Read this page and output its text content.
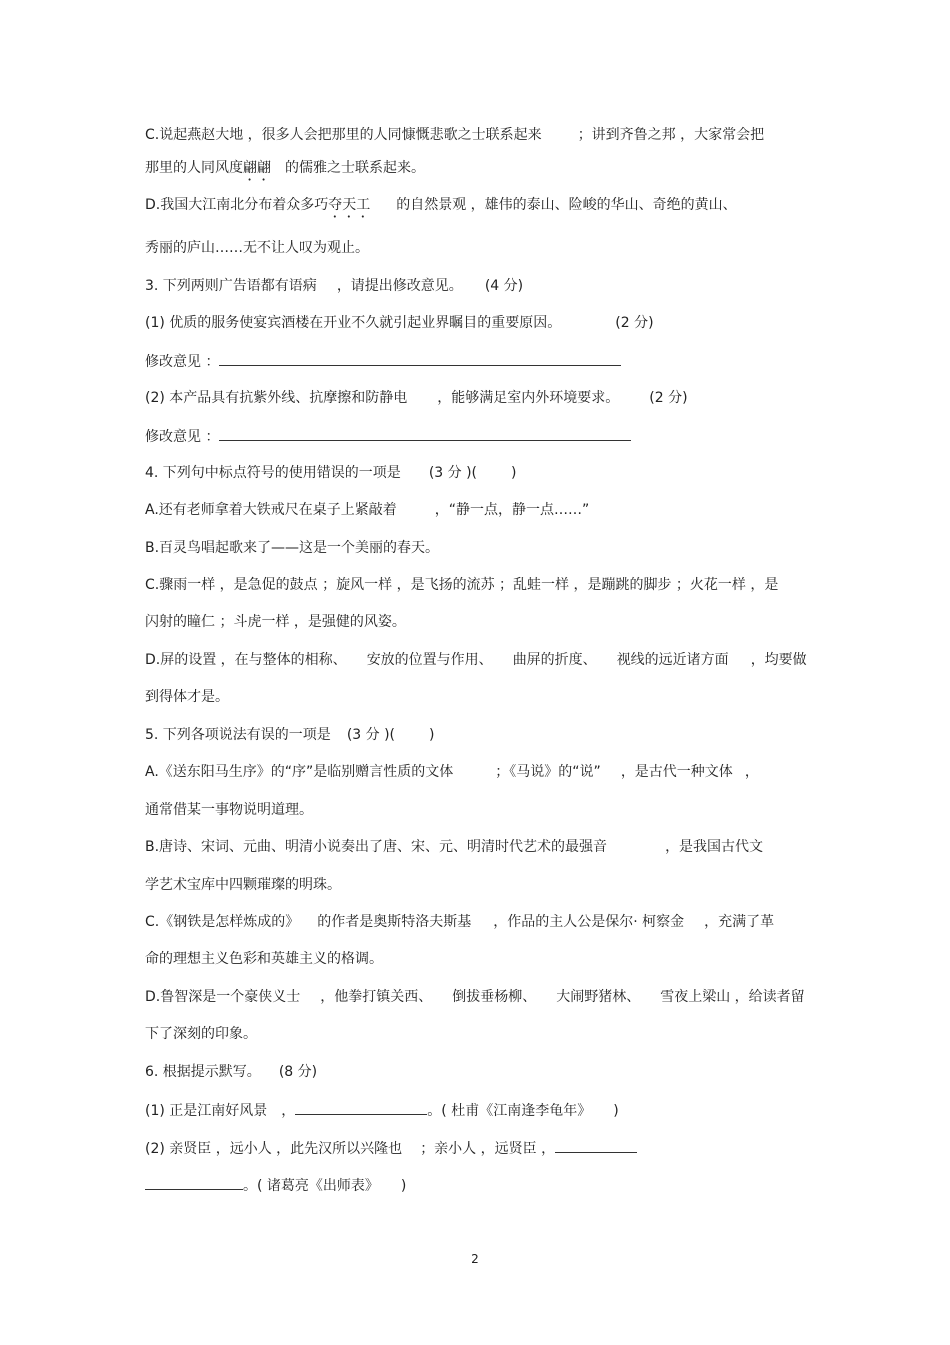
C.说起燕赵大地 ，很多人会把那里的人同慷慨悲歌之士联系起来	；讲到齐鲁之邦 ，大家常会把
那里的人同风度翩翩 的儒雅之士联系起来。
D.我国大江南北分布着众多巧夺天工 的自然景观 ，雄伟的泰山、险峻的华山、奇绝的黄山、
秀丽的庐山……无不让人叹为观止。
3. 下列两则广告语都有语病 ，请提出修改意见。 (4 分)
(1) 优质的服务使宴宾酒楼在开业不久就引起业界瞩目的重要原因。	(2 分)
修改意见 ：
(2) 本产品具有抗紫外线、抗摩擦和防静电 ，能够满足室内外环境要求。 (2 分)
修改意见 ：
4. 下列句中标点符号的使用错误的一项是 (3 分 )( )
A.还有老师拿着大铁戒尺在桌子上紧敲着	，“静一点，静一点……”
B.百灵鸟唱起歌来了——这是一个美丽的春天。
C.骤雨一样 ，是急促的鼓点 ；旋风一样 ，是飞扬的流苏 ；乱蛙一样 ，是蹦跳的脚步 ；火花一样 ，是
闪射的瞳仁 ；斗虎一样 ，是强健的风姿。
D.屏的设置 ，在与整体的相称、 安放的位置与作用、 曲屏的折度、 视线的远近诸方面 ，均要做
到得体才是。
5. 下列各项说法有误的一项是 (3 分 )( )
A.《送东阳马生序》的“序”是临别赠言性质的文体	；《马说》的“说” ，是古代一种文体 ，
通常借某一事物说明道理。
B.唐诗、宋词、元曲、明清小说奏出了唐、宋、元、明清时代艺术的最强音	，是我国古代文
学艺术宝库中四颗璀璨的明珠。
C.《钢铁是怎样炼成的》 的作者是奥斯特洛夫斯基 ，作品的主人公是保尔· 柯察金 ，充满了革
命的理想主义色彩和英雄主义的格调。
D.鲁智深是一个豪侠义士 ，他拳打镇关西、 倒拔垂杨柳、 大闹野猪林、 雪夜上梁山 ，给读者留
下了深刻的印象。
6. 根据提示默写。 (8 分)
(1) 正是江南好风景 ，	。( 杜甫《江南逢李龟年》 )
(2) 亲贤臣 ，远小人 ，此先汉所以兴隆也 ；亲小人 ，远贤臣 ，
。( 诸葛亮《出师表》 )
2
